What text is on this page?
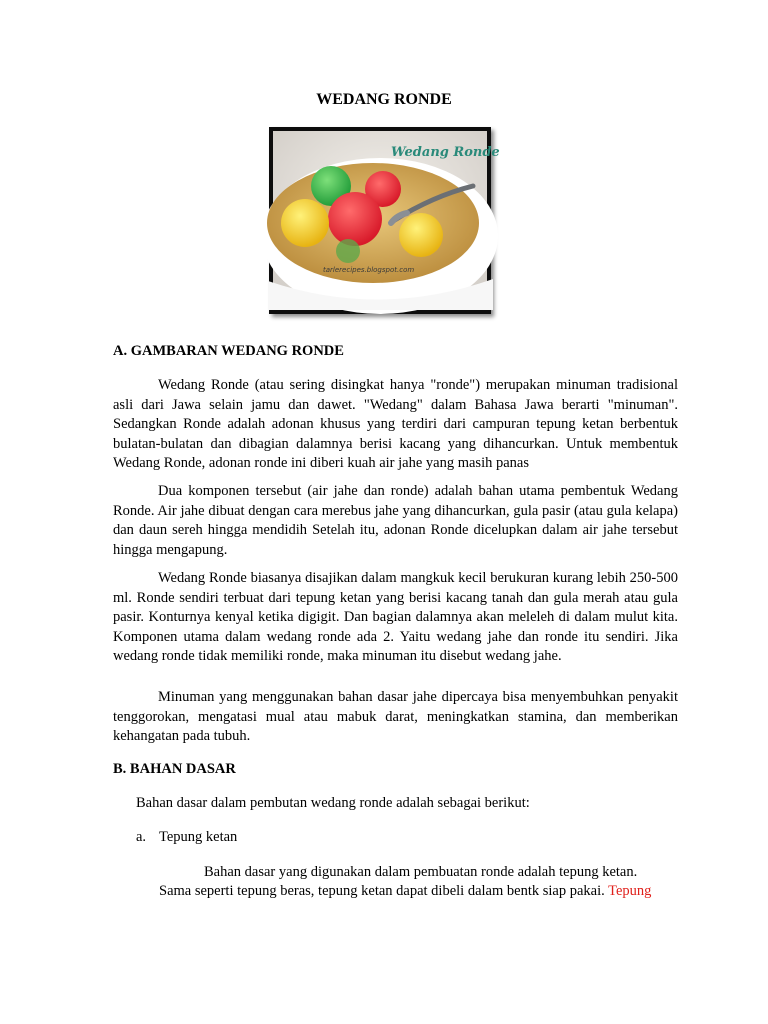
WEDANG RONDE
Wedang Ronde
tarlerecipes.blogspot.com
A. GAMBARAN WEDANG RONDE

Wedang Ronde (atau sering disingkat hanya "ronde") merupakan minuman tradisional asli dari Jawa selain jamu dan dawet. "Wedang" dalam Bahasa Jawa berarti "minuman". Sedangkan Ronde adalah adonan khusus yang terdiri dari campuran tepung ketan berbentuk bulatan-bulatan dan dibagian dalamnya berisi kacang yang dihancurkan. Untuk membentuk Wedang Ronde, adonan ronde ini diberi kuah air jahe yang masih panas

Dua komponen tersebut (air jahe dan ronde) adalah bahan utama pembentuk Wedang Ronde. Air jahe dibuat dengan cara merebus jahe yang dihancurkan, gula pasir (atau gula kelapa) dan daun sereh hingga mendidih Setelah itu, adonan Ronde dicelupkan dalam air jahe tersebut hingga mengapung.

Wedang Ronde biasanya disajikan dalam mangkuk kecil berukuran kurang lebih 250-500 ml. Ronde sendiri terbuat dari tepung ketan yang berisi kacang tanah dan gula merah atau gula pasir. Konturnya kenyal ketika digigit. Dan bagian dalamnya akan meleleh di dalam mulut kita. Komponen utama dalam wedang ronde ada 2. Yaitu wedang jahe dan ronde itu sendiri. Jika wedang ronde tidak memiliki ronde, maka minuman itu disebut wedang jahe.

Minuman yang menggunakan bahan dasar jahe dipercaya bisa menyembuhkan penyakit tenggorokan, mengatasi mual atau mabuk darat, meningkatkan stamina, dan memberikan kehangatan pada tubuh.

B. BAHAN DASAR
Bahan dasar dalam pembutan wedang ronde adalah sebagai berikut:
a. Tepung ketan
Bahan dasar yang digunakan dalam pembuatan ronde adalah tepung ketan.
Sama seperti tepung beras, tepung ketan dapat dibeli dalam bentk siap pakai. Tepung
